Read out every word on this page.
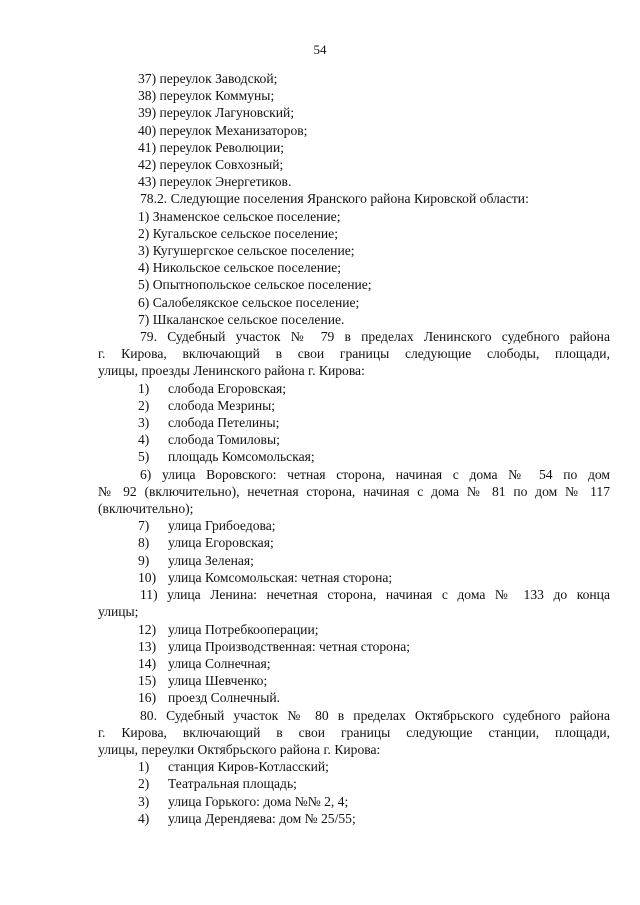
54
37) переулок Заводской;
38) переулок Коммуны;
39) переулок Лагуновский;
40) переулок Механизаторов;
41) переулок Революции;
42) переулок Совхозный;
43) переулок Энергетиков.
78.2. Следующие поселения Яранского района Кировской области:
1) Знаменское сельское поселение;
2) Кугальское сельское поселение;
3) Кугушергское сельское поселение;
4) Никольское сельское поселение;
5) Опытнопольское сельское поселение;
6) Салобелякское сельское поселение;
7) Шкаланское сельское поселение.
79. Судебный участок № 79 в пределах Ленинского судебного района
г. Кирова, включающий в свои границы следующие слободы, площади,
улицы, проезды Ленинского района г. Кирова:
1) слобода Егоровская;
2) слобода Мезрины;
3) слобода Петелины;
4) слобода Томиловы;
5) площадь Комсомольская;
6) улица Воровского: четная сторона, начиная с дома № 54 по дом
№ 92 (включительно), нечетная сторона, начиная с дома № 81 по дом № 117
(включительно);
7) улица Грибоедова;
8) улица Егоровская;
9) улица Зеленая;
10) улица Комсомольская: четная сторона;
11) улица Ленина: нечетная сторона, начиная с дома № 133 до конца
улицы;
12) улица Потребкооперации;
13) улица Производственная: четная сторона;
14) улица Солнечная;
15) улица Шевченко;
16) проезд Солнечный.
80. Судебный участок № 80 в пределах Октябрьского судебного района
г. Кирова, включающий в свои границы следующие станции, площади,
улицы, переулки Октябрьского района г. Кирова:
1) станция Киров-Котласский;
2) Театральная площадь;
3) улица Горького: дома №№ 2, 4;
4) улица Дерендяева: дом № 25/55;
